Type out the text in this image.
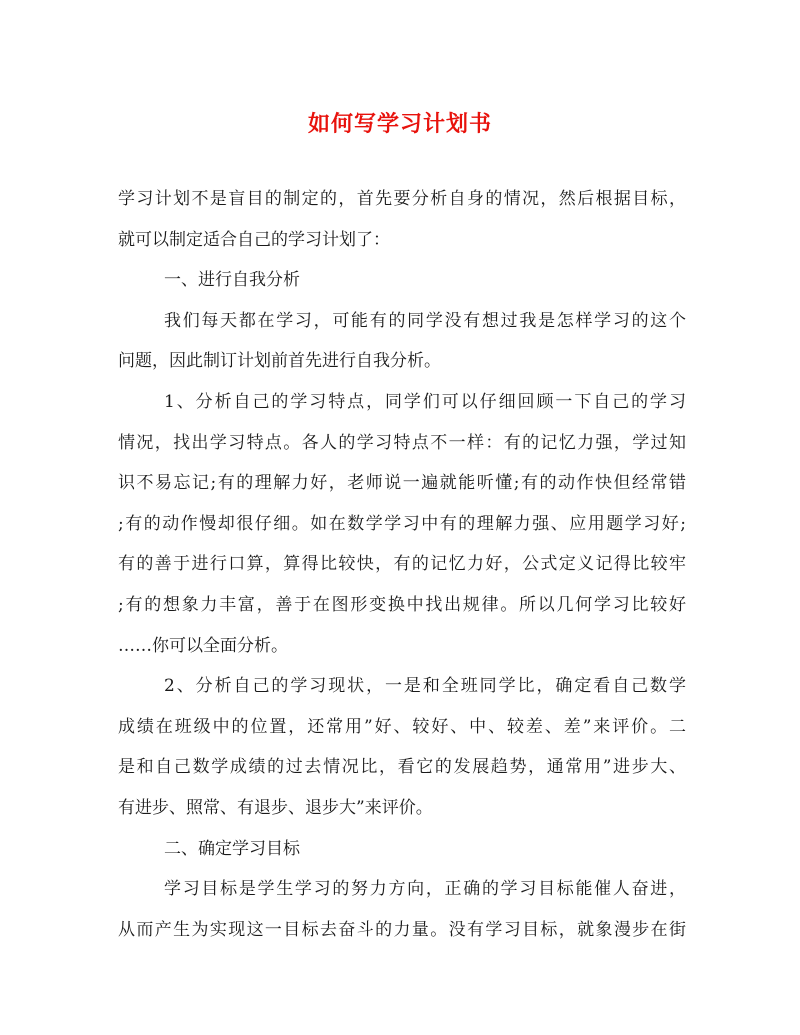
如何写学习计划书
学习计划不是盲目的制定的，首先要分析自身的情况，然后根据目标，
就可以制定适合自己的学习计划了：
一、进行自我分析
我们每天都在学习，可能有的同学没有想过我是怎样学习的这个
问题，因此制订计划前首先进行自我分析。
1、分析自己的学习特点，同学们可以仔细回顾一下自己的学习
情况，找出学习特点。各人的学习特点不一样：有的记忆力强，学过知
识不易忘记;有的理解力好，老师说一遍就能听懂;有的动作快但经常错
;有的动作慢却很仔细。如在数学学习中有的理解力强、应用题学习好;
有的善于进行口算，算得比较快，有的记忆力好，公式定义记得比较牢
;有的想象力丰富，善于在图形变换中找出规律。所以几何学习比较好
……你可以全面分析。
2、分析自己的学习现状，一是和全班同学比，确定看自己数学
成绩在班级中的位置，还常用”好、较好、中、较差、差”来评价。二
是和自己数学成绩的过去情况比，看它的发展趋势，通常用”进步大、
有进步、照常、有退步、退步大”来评价。
二、确定学习目标
学习目标是学生学习的努力方向，正确的学习目标能催人奋进，
从而产生为实现这一目标去奋斗的力量。没有学习目标，就象漫步在街
